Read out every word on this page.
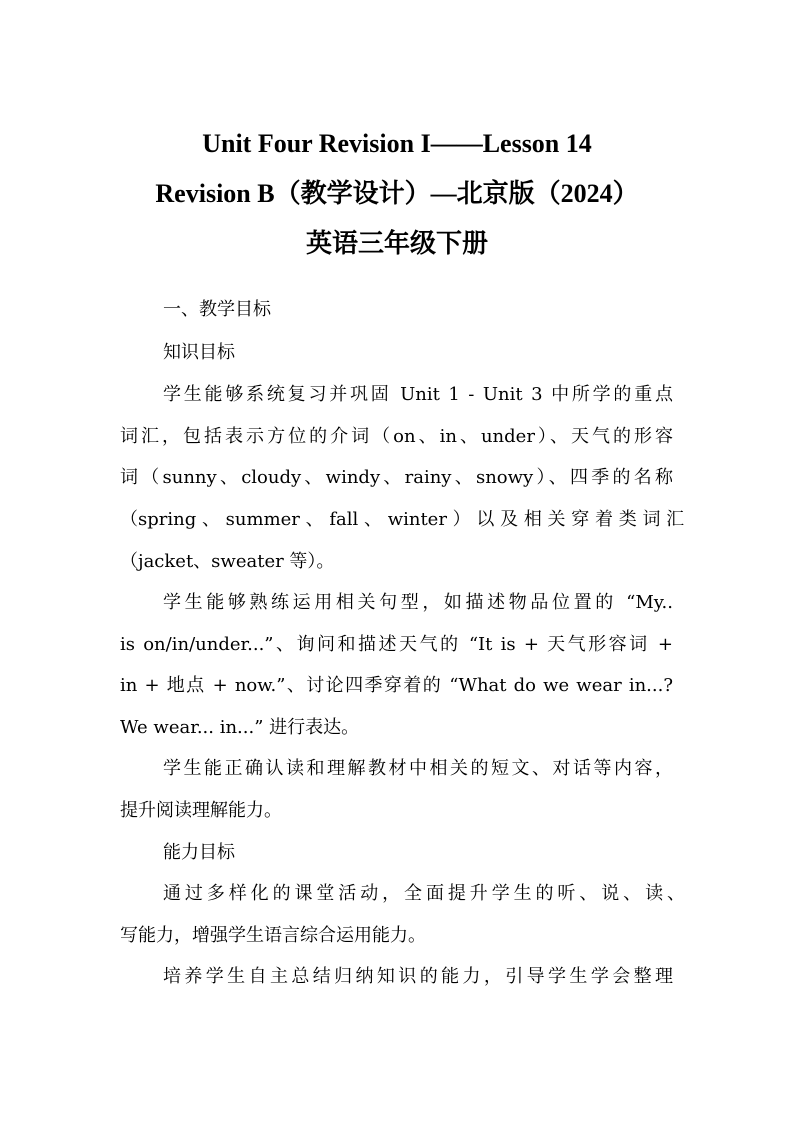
Unit Four Revision I——Lesson 14
Revision B（教学设计）—北京版（2024）
英语三年级下册
一、教学目标
知识目标
学生能够系统复习并巩固 Unit 1 - Unit 3 中所学的重点
词汇，包括表示方位的介词（on、in、under）、天气的形容
词（sunny、cloudy、windy、rainy、snowy）、四季的名称
（spring 、 summer 、 fall 、 winter ） 以 及 相 关 穿 着 类 词 汇
（jacket、sweater 等）。
学生能够熟练运用相关句型，如描述物品位置的 “My..
is on/in/under...”、询问和描述天气的 “It is + 天气形容词 +
in + 地点 + now.”、讨论四季穿着的 “What do we wear in...?
We wear... in...” 进行表达。
学生能正确认读和理解教材中相关的短文、对话等内容，
提升阅读理解能力。
能力目标
通过多样化的课堂活动，全面提升学生的听、说、读、
写能力，增强学生语言综合运用能力。
培养学生自主总结归纳知识的能力，引导学生学会整理
